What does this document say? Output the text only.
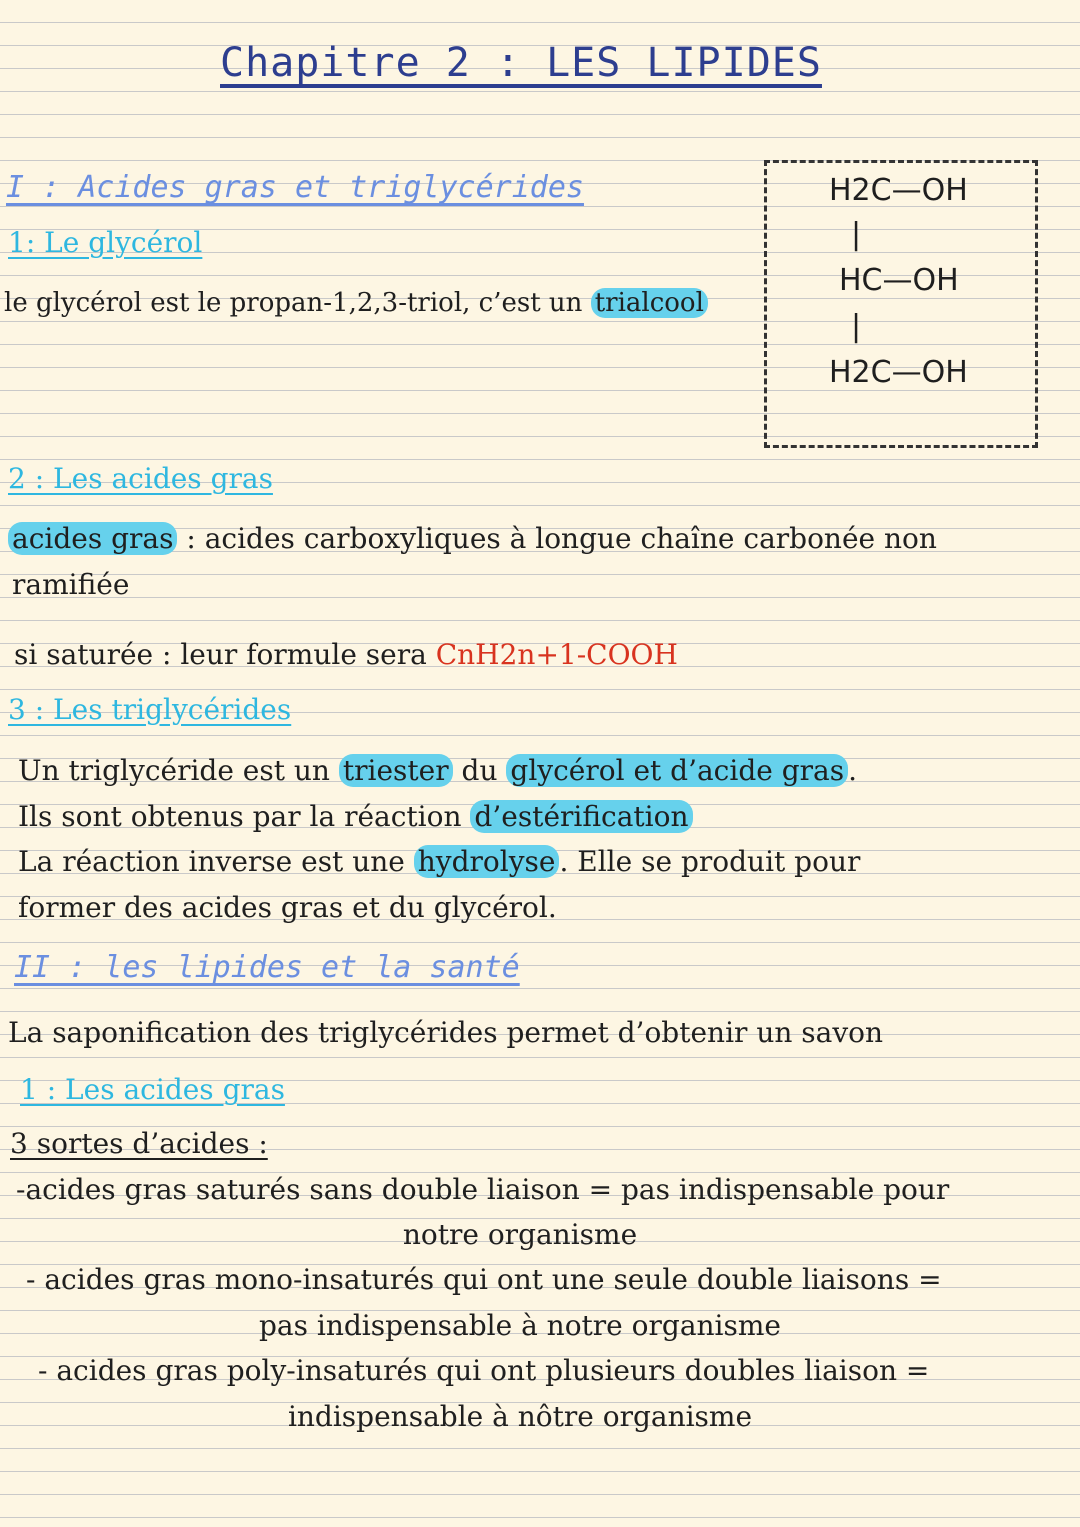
Chapitre 2 : LES LIPIDES
I : Acides gras et triglycérides
1: Le glycérol
le glycérol est le propan-1,2,3-triol, c’est un trialcool
H2C—OH
|
HC—OH
|
H2C—OH
2 : Les acides gras
acides gras : acides carboxyliques à longue chaîne carbonée non
ramifiée
si saturée : leur formule sera CnH2n+1-COOH
3 : Les triglycérides
Un triglycéride est un triester du glycérol et d’acide gras .
Ils sont obtenus par la réaction d’estérification
La réaction inverse est une hydrolyse . Elle se produit pour
former des acides gras et du glycérol.
II : les lipides et la santé
La saponification des triglycérides permet d’obtenir un savon
1 : Les acides gras
3 sortes d’acides :
-acides gras saturés sans double liaison = pas indispensable pour
notre organisme
- acides gras mono-insaturés qui ont une seule double liaisons =
pas indispensable à notre organisme
- acides gras poly-insaturés qui ont plusieurs doubles liaison =
indispensable à nôtre organisme
